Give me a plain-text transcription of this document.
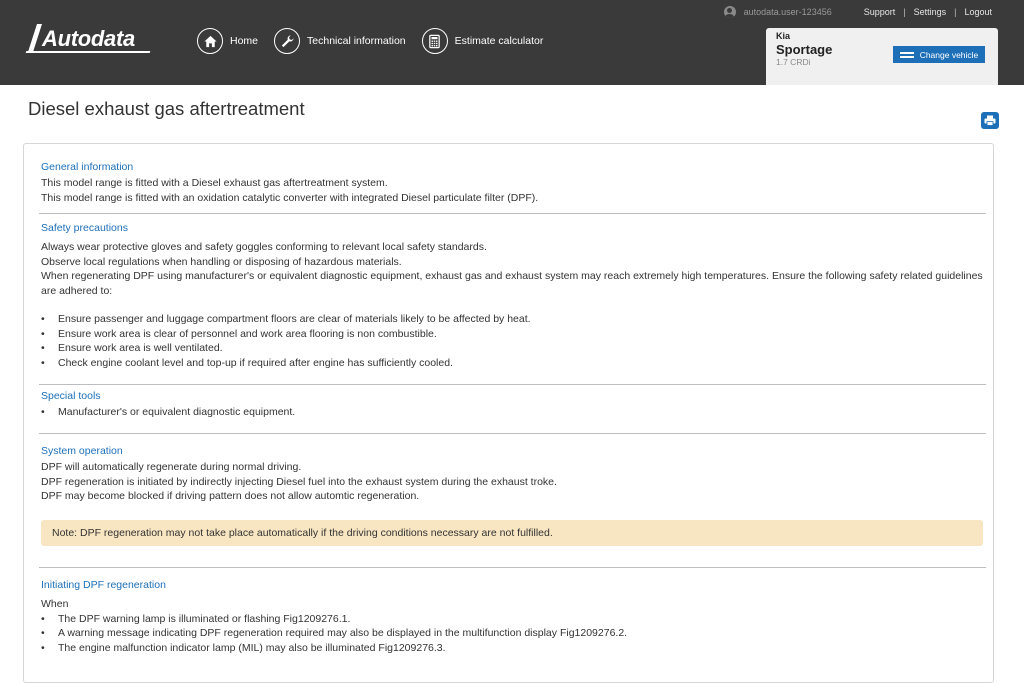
autodata.user-123456	Support | Settings | Logout
Autodata	Home	Technical information	Estimate calculator	Kia
Sportage
1.7 CRDi
Change vehicle
Diesel exhaust gas aftertreatment
General information
This model range is fitted with a Diesel exhaust gas aftertreatment system.
This model range is fitted with an oxidation catalytic converter with integrated Diesel particulate filter (DPF).
Safety precautions
Always wear protective gloves and safety goggles conforming to relevant local safety standards.
Observe local regulations when handling or disposing of hazardous materials.
When regenerating DPF using manufacturer's or equivalent diagnostic equipment, exhaust gas and exhaust system may reach extremely high temperatures. Ensure the following safety related guidelines are adhered to:
•	Ensure passenger and luggage compartment floors are clear of materials likely to be affected by heat.
•	Ensure work area is clear of personnel and work area flooring is non combustible.
•	Ensure work area is well ventilated.
•	Check engine coolant level and top-up if required after engine has sufficiently cooled.
Special tools
•	Manufacturer's or equivalent diagnostic equipment.
System operation
DPF will automatically regenerate during normal driving.
DPF regeneration is initiated by indirectly injecting Diesel fuel into the exhaust system during the exhaust troke.
DPF may become blocked if driving pattern does not allow automtic regeneration.
Note: DPF regeneration may not take place automatically if the driving conditions necessary are not fulfilled.
Initiating DPF regeneration
When
•	The DPF warning lamp is illuminated or flashing Fig1209276.1.
•	A warning message indicating DPF regeneration required may also be displayed in the multifunction display Fig1209276.2.
•	The engine malfunction indicator lamp (MIL) may also be illuminated Fig1209276.3.
